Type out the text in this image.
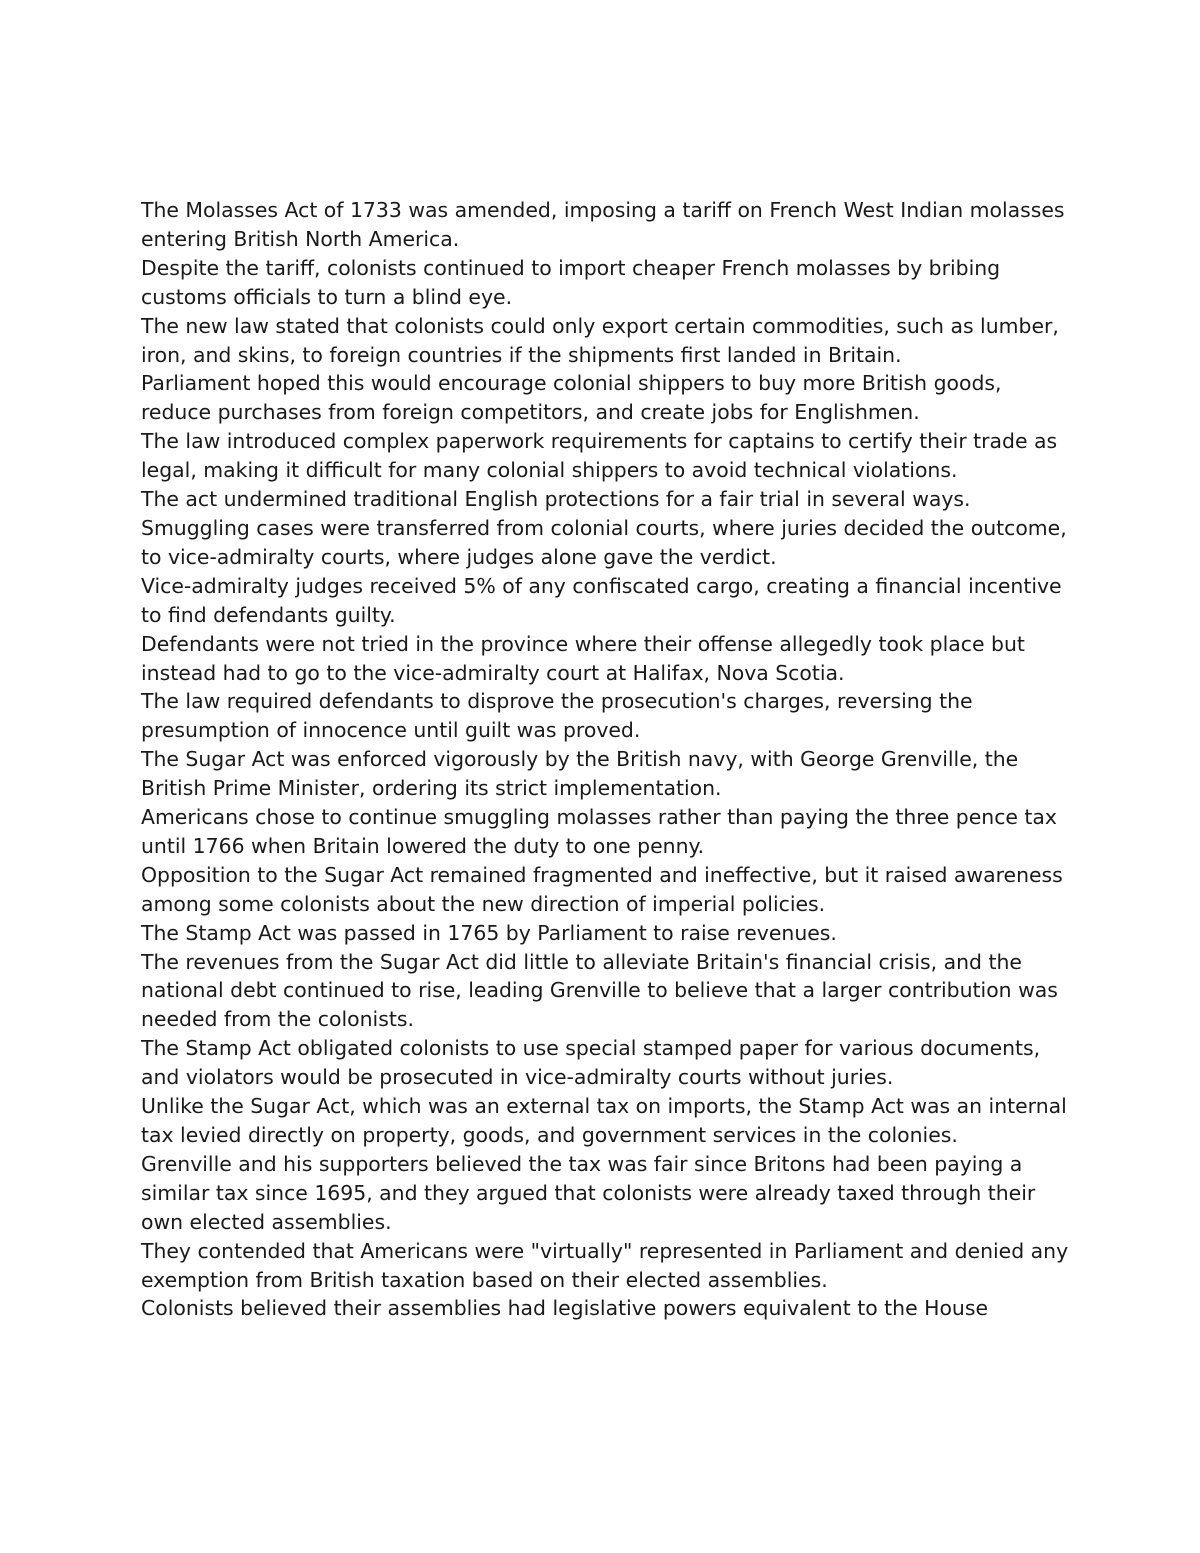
The Molasses Act of 1733 was amended, imposing a tariff on French West Indian molasses entering British North America.

Despite the tariff, colonists continued to import cheaper French molasses by bribing customs officials to turn a blind eye.

The new law stated that colonists could only export certain commodities, such as lumber, iron, and skins, to foreign countries if the shipments first landed in Britain.

Parliament hoped this would encourage colonial shippers to buy more British goods, reduce purchases from foreign competitors, and create jobs for Englishmen.

The law introduced complex paperwork requirements for captains to certify their trade as legal, making it difficult for many colonial shippers to avoid technical violations.

The act undermined traditional English protections for a fair trial in several ways.

Smuggling cases were transferred from colonial courts, where juries decided the outcome, to vice-admiralty courts, where judges alone gave the verdict.

Vice-admiralty judges received 5% of any confiscated cargo, creating a financial incentive to find defendants guilty.

Defendants were not tried in the province where their offense allegedly took place but instead had to go to the vice-admiralty court at Halifax, Nova Scotia.

The law required defendants to disprove the prosecution's charges, reversing the presumption of innocence until guilt was proved.

The Sugar Act was enforced vigorously by the British navy, with George Grenville, the British Prime Minister, ordering its strict implementation.

Americans chose to continue smuggling molasses rather than paying the three pence tax until 1766 when Britain lowered the duty to one penny.

Opposition to the Sugar Act remained fragmented and ineffective, but it raised awareness among some colonists about the new direction of imperial policies.

The Stamp Act was passed in 1765 by Parliament to raise revenues.

The revenues from the Sugar Act did little to alleviate Britain's financial crisis, and the national debt continued to rise, leading Grenville to believe that a larger contribution was needed from the colonists.

The Stamp Act obligated colonists to use special stamped paper for various documents, and violators would be prosecuted in vice-admiralty courts without juries.

Unlike the Sugar Act, which was an external tax on imports, the Stamp Act was an internal tax levied directly on property, goods, and government services in the colonies.

Grenville and his supporters believed the tax was fair since Britons had been paying a similar tax since 1695, and they argued that colonists were already taxed through their own elected assemblies.

They contended that Americans were "virtually" represented in Parliament and denied any exemption from British taxation based on their elected assemblies.

Colonists believed their assemblies had legislative powers equivalent to the House
